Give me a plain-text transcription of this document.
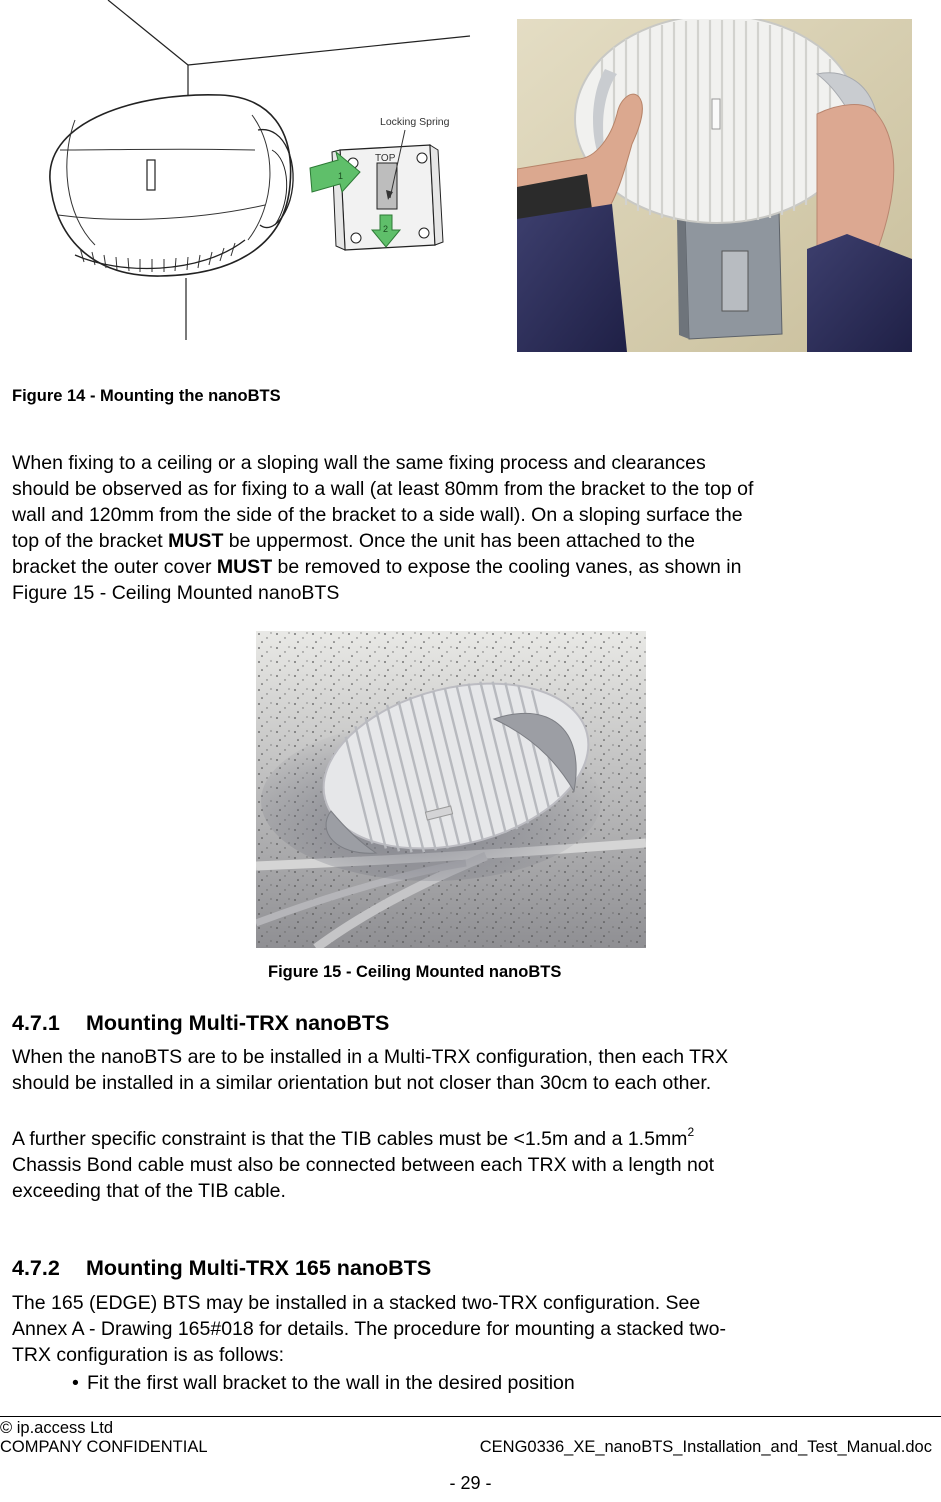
TOP
1
2
Locking Spring
Figure 14 - Mounting the nanoBTS
When fixing to a ceiling or a sloping wall the same fixing process and clearances
should be observed as for fixing to a wall (at least 80mm from the bracket to the top of
wall and 120mm from the side of the bracket to a side wall). On a sloping surface the
top of the bracket MUST be uppermost. Once the unit has been attached to the
bracket the outer cover MUST be removed to expose the cooling vanes, as shown in
Figure 15 - Ceiling Mounted nanoBTS
Figure 15 - Ceiling Mounted nanoBTS
4.7.1 Mounting Multi-TRX nanoBTS
When the nanoBTS are to be installed in a Multi-TRX configuration, then each TRX
should be installed in a similar orientation but not closer than 30cm to each other.
A further specific constraint is that the TIB cables must be <1.5m and a $1.5mm^2$
Chassis Bond cable must also be connected between each TRX with a length not
exceeding that of the TIB cable.
4.7.2 Mounting Multi-TRX 165 nanoBTS
The 165 (EDGE) BTS may be installed in a stacked two-TRX configuration. See
Annex A - Drawing 165#018 for details. The procedure for mounting a stacked two-
TRX configuration is as follows:
• Fit the first wall bracket to the wall in the desired position
© ip.access Ltd
COMPANY CONFIDENTIAL	CENG0336_XE_nanoBTS_Installation_and_Test_Manual.doc
- 29 -
